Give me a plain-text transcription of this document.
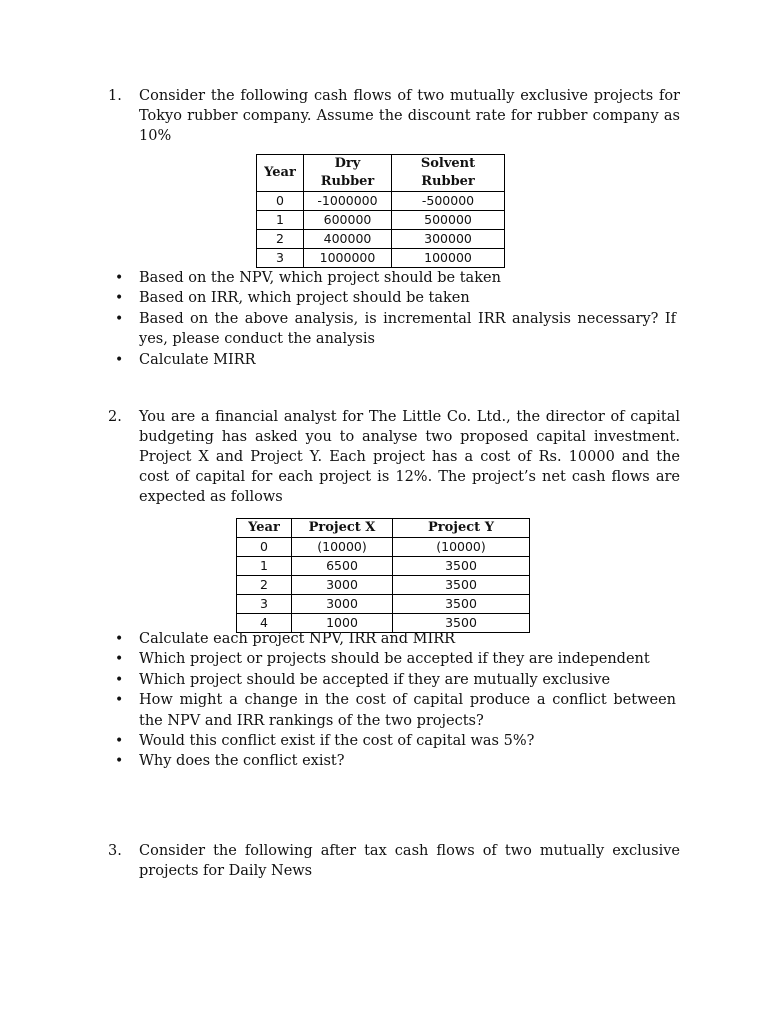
1. Consider the following cash flows of two mutually exclusive projects for Tokyo rubber company. Assume the discount rate for rubber company as 10%

Year	Dry Rubber	Solvent Rubber
0	-1000000	-500000
1	600000	500000
2	400000	300000
3	1000000	100000
• Based on the NPV, which project should be taken
• Based on IRR, which project should be taken
• Based on the above analysis, is incremental IRR analysis necessary? If yes, please conduct the analysis
• Calculate MIRR
2. You are a financial analyst for The Little Co. Ltd., the director of capital budgeting has asked you to analyse two proposed capital investment. Project X and Project Y. Each project has a cost of Rs. 10000 and the cost of capital for each project is 12%. The project’s net cash flows are expected as follows

Year	Project X	Project Y
0	(10000)	(10000)
1	6500	3500
2	3000	3500
3	3000	3500
4	1000	3500
• Calculate each project NPV, IRR and MIRR
• Which project or projects should be accepted if they are independent
• Which project should be accepted if they are mutually exclusive
• How might a change in the cost of capital produce a conflict between the NPV and IRR rankings of the two projects?
• Would this conflict exist if the cost of capital was 5%?
• Why does the conflict exist?
3. Consider the following after tax cash flows of two mutually exclusive projects for Daily News
